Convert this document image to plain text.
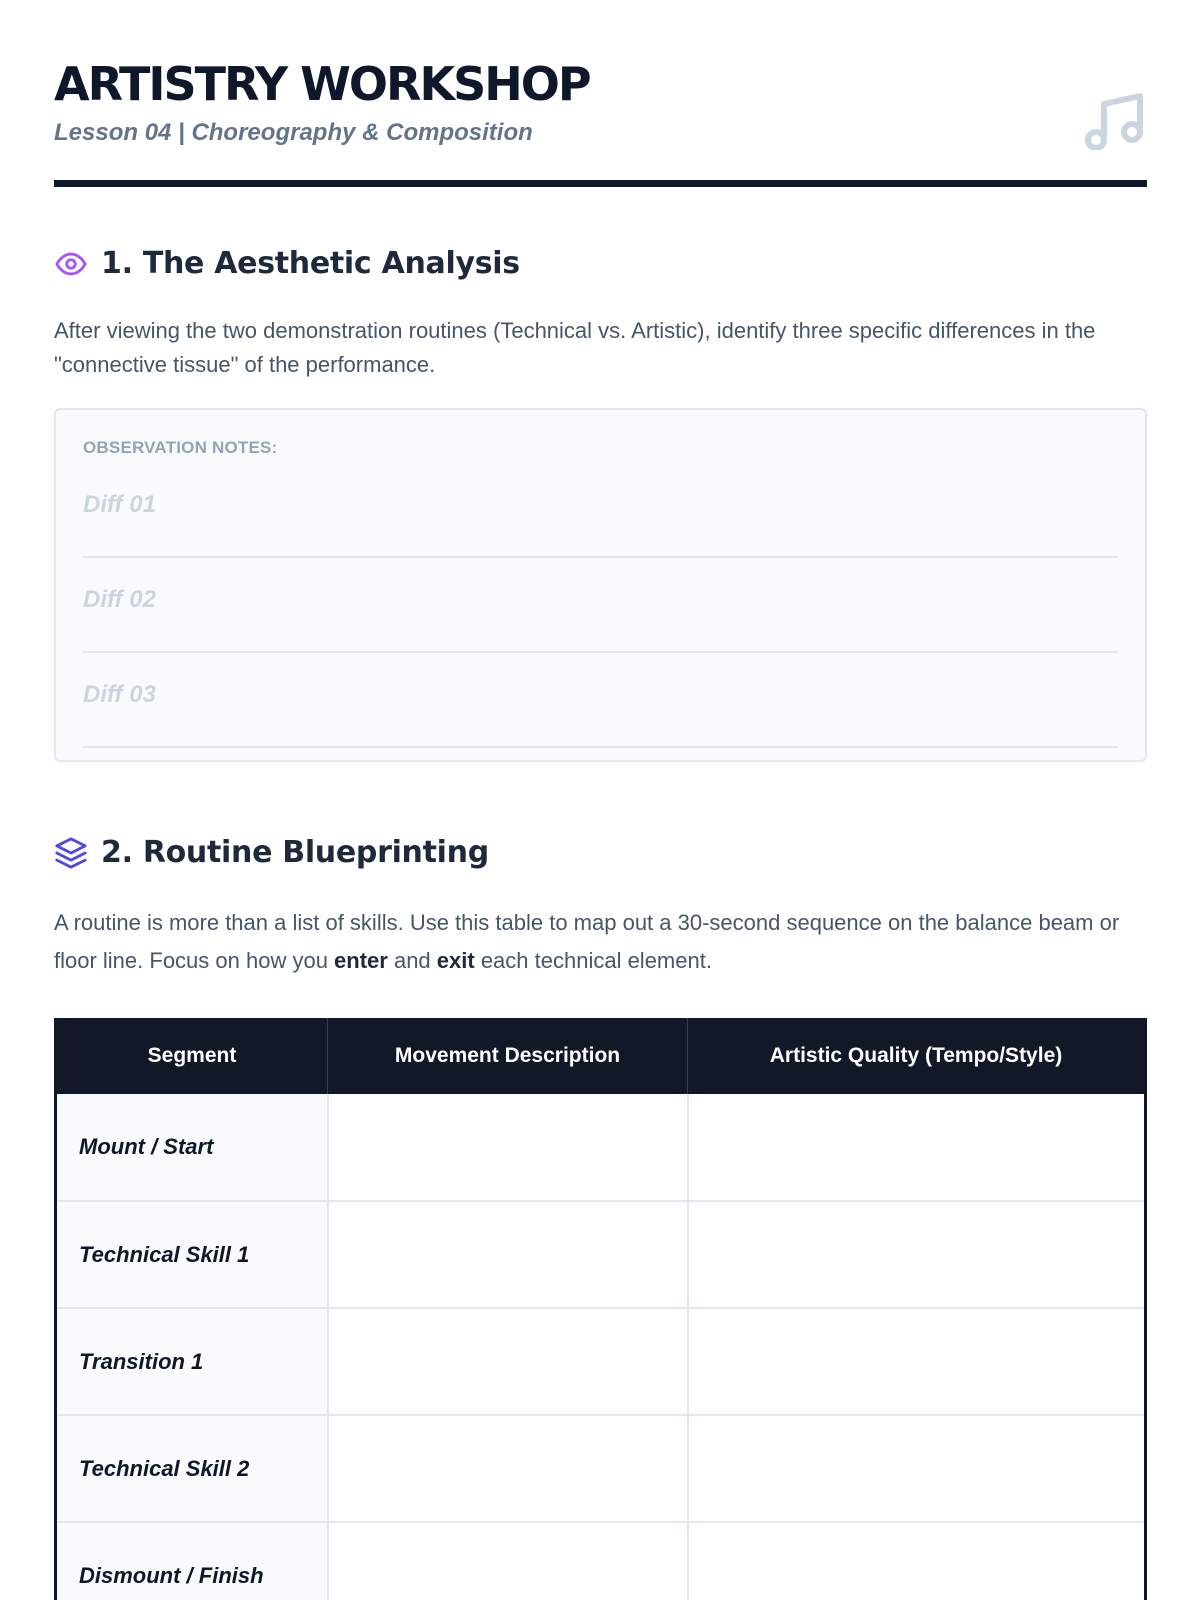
ARTISTRY WORKSHOP
Lesson 04 | Choreography & Composition
1. The Aesthetic Analysis

After viewing the two demonstration routines (Technical vs. Artistic), identify three specific differences in the "connective tissue" of the performance.

OBSERVATION NOTES:
Diff 01
Diff 02
Diff 03
2. Routine Blueprinting

A routine is more than a list of skills. Use this table to map out a 30-second sequence on the balance beam or floor line. Focus on how you enter and exit each technical element.

Segment	Movement Description	Artistic Quality (Tempo/Style)
Mount / Start		
Technical Skill 1		
Transition 1		
Technical Skill 2		
Dismount / Finish		
